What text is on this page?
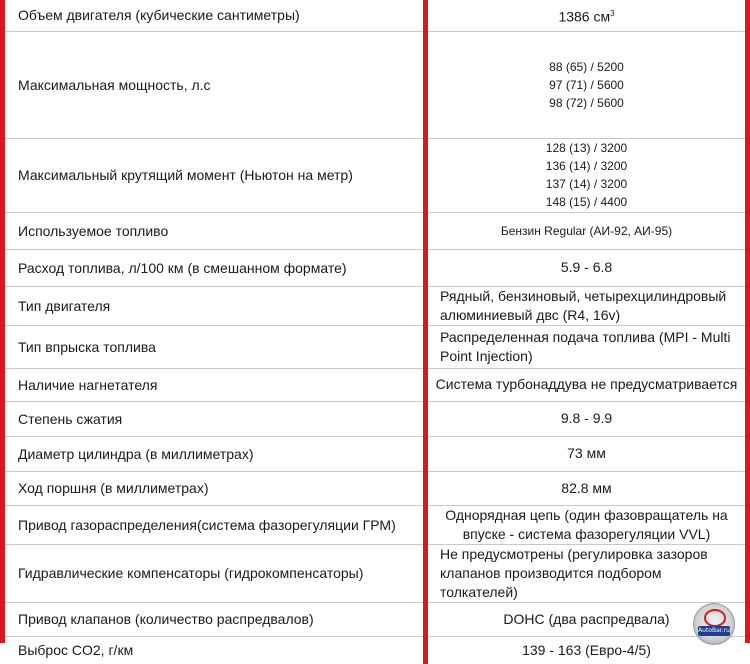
Объем двигателя (кубические сантиметры)		1386 $см^3$
Максимальная мощность, л.с		88 (65) / 5200
97 (71) / 5600
98 (72) / 5600

Максимальный крутящий момент (Ньютон на метр)		128 (13) / 3200
136 (14) / 3200
137 (14) / 3200
148 (15) / 4400

Используемое топливо		Бензин Regular (АИ-92, АИ-95)
Расход топлива, л/100 км (в смешанном формате)		5.9 - 6.8
Тип двигателя		Рядный, бензиновый, четырехцилиндровый
алюминиевый двс (R4, 16v)

Тип впрыска топлива		Распределенная подача топлива (MPI - Multi
Point Injection)

Наличие нагнетателя		Система турбонаддува не предусматривается
Степень сжатия		9.8 - 9.9
Диаметр цилиндра (в миллиметрах)		73 мм
Ход поршня (в миллиметрах)		82.8 мм
Привод газораспределения(система фазорегуляции ГРМ)		Однорядная цепь (один фазовращатель на
впуске - система фазорегуляции VVL)

Гидравлические компенсаторы (гидрокомпенсаторы)		Не предусмотрены (регулировка зазоров
клапанов производится подбором толкателей)

Привод клапанов (количество распредвалов)		DOHC (два распредвала)
Выброс CO2, г/км		139 - 163 (Евро-4/5)
AutoBar.ru
